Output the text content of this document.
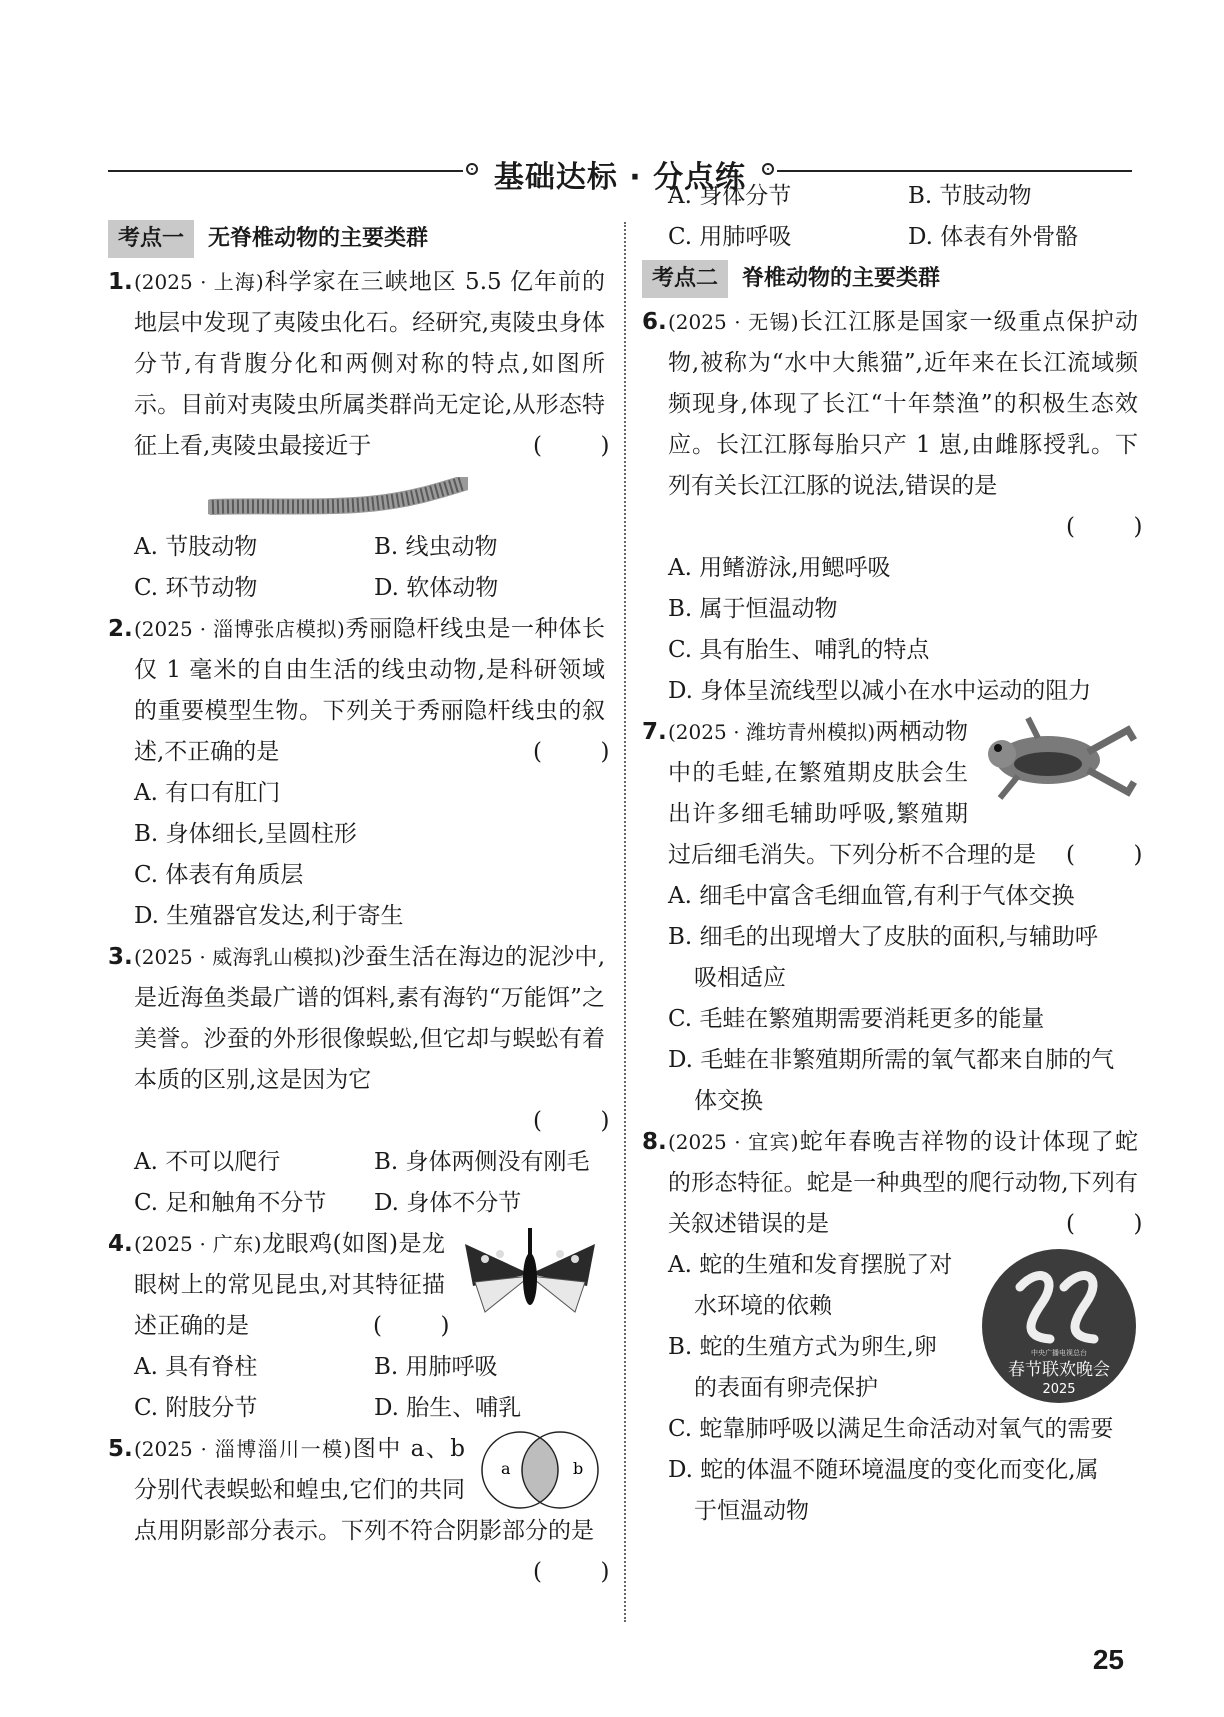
基础达标 · 分点练
考点一	无脊椎动物的主要类群
1. (2025 · 上海)科学家在三峡地区 5.5 亿年前的地层中发现了夷陵虫化石。经研究,夷陵虫身体分节,有背腹分化和两侧对称的特点,如图所示。目前对夷陵虫所属类群尚无定论,从形态特征上看,夷陵虫最接近于
( )
A. 节肢动物	B. 线虫动物
C. 环节动物	D. 软体动物
2. (2025 · 淄博张店模拟)秀丽隐杆线虫是一种体长仅 1 毫米的自由生活的线虫动物,是科研领域的重要模型生物。下列关于秀丽隐杆线虫的叙述,不正确的是
( )
A. 有口有肛门
B. 身体细长,呈圆柱形
C. 体表有角质层
D. 生殖器官发达,利于寄生
3. (2025 · 威海乳山模拟)沙蚕生活在海边的泥沙中,是近海鱼类最广谱的饵料,素有海钓“万能饵”之美誉。沙蚕的外形很像蜈蚣,但它却与蜈蚣有着本质的区别,这是因为它
( )
A. 不可以爬行	B. 身体两侧没有刚毛
C. 足和触角不分节	D. 身体不分节
4. (2025 · 广东)龙眼鸡(如图)是龙眼树上的常见昆虫,对其特征描述正确的是
( )
A. 具有脊柱	B. 用肺呼吸
C. 附肢分节	D. 胎生、哺乳
a	b
5. (2025 · 淄博淄川一模)图中 a、b 分别代表蜈蚣和蝗虫,它们的共同点用阴影部分表示。下列不符合阴影部分的是
( )
A. 身体分节	B. 节肢动物
C. 用肺呼吸	D. 体表有外骨骼
考点二	脊椎动物的主要类群
6. (2025 · 无锡)长江江豚是国家一级重点保护动物,被称为“水中大熊猫”,近年来在长江流域频频现身,体现了长江“十年禁渔”的积极生态效应。长江江豚每胎只产 1 崽,由雌豚授乳。下列有关长江江豚的说法,错误的是
( )
A. 用鳍游泳,用鳃呼吸
B. 属于恒温动物
C. 具有胎生、哺乳的特点
D. 身体呈流线型以减小在水中运动的阻力
7. (2025 · 潍坊青州模拟)两栖动物中的毛蛙,在繁殖期皮肤会生出许多细毛辅助呼吸,繁殖期过后细毛消失。下列分析不合理的是
( )
A. 细毛中富含毛细血管,有利于气体交换
B. 细毛的出现增大了皮肤的面积,与辅助呼
吸相适应
C. 毛蛙在繁殖期需要消耗更多的能量
D. 毛蛙在非繁殖期所需的氧气都来自肺的气
体交换
8. (2025 · 宜宾)蛇年春晚吉祥物的设计体现了蛇的形态特征。蛇是一种典型的爬行动物,下列有关叙述错误的是
( )
中央广播电视总台
春节联欢晚会
2025
A. 蛇的生殖和发育摆脱了对
水环境的依赖
B. 蛇的生殖方式为卵生,卵
的表面有卵壳保护
C. 蛇靠肺呼吸以满足生命活动对氧气的需要
D. 蛇的体温不随环境温度的变化而变化,属
于恒温动物
25
